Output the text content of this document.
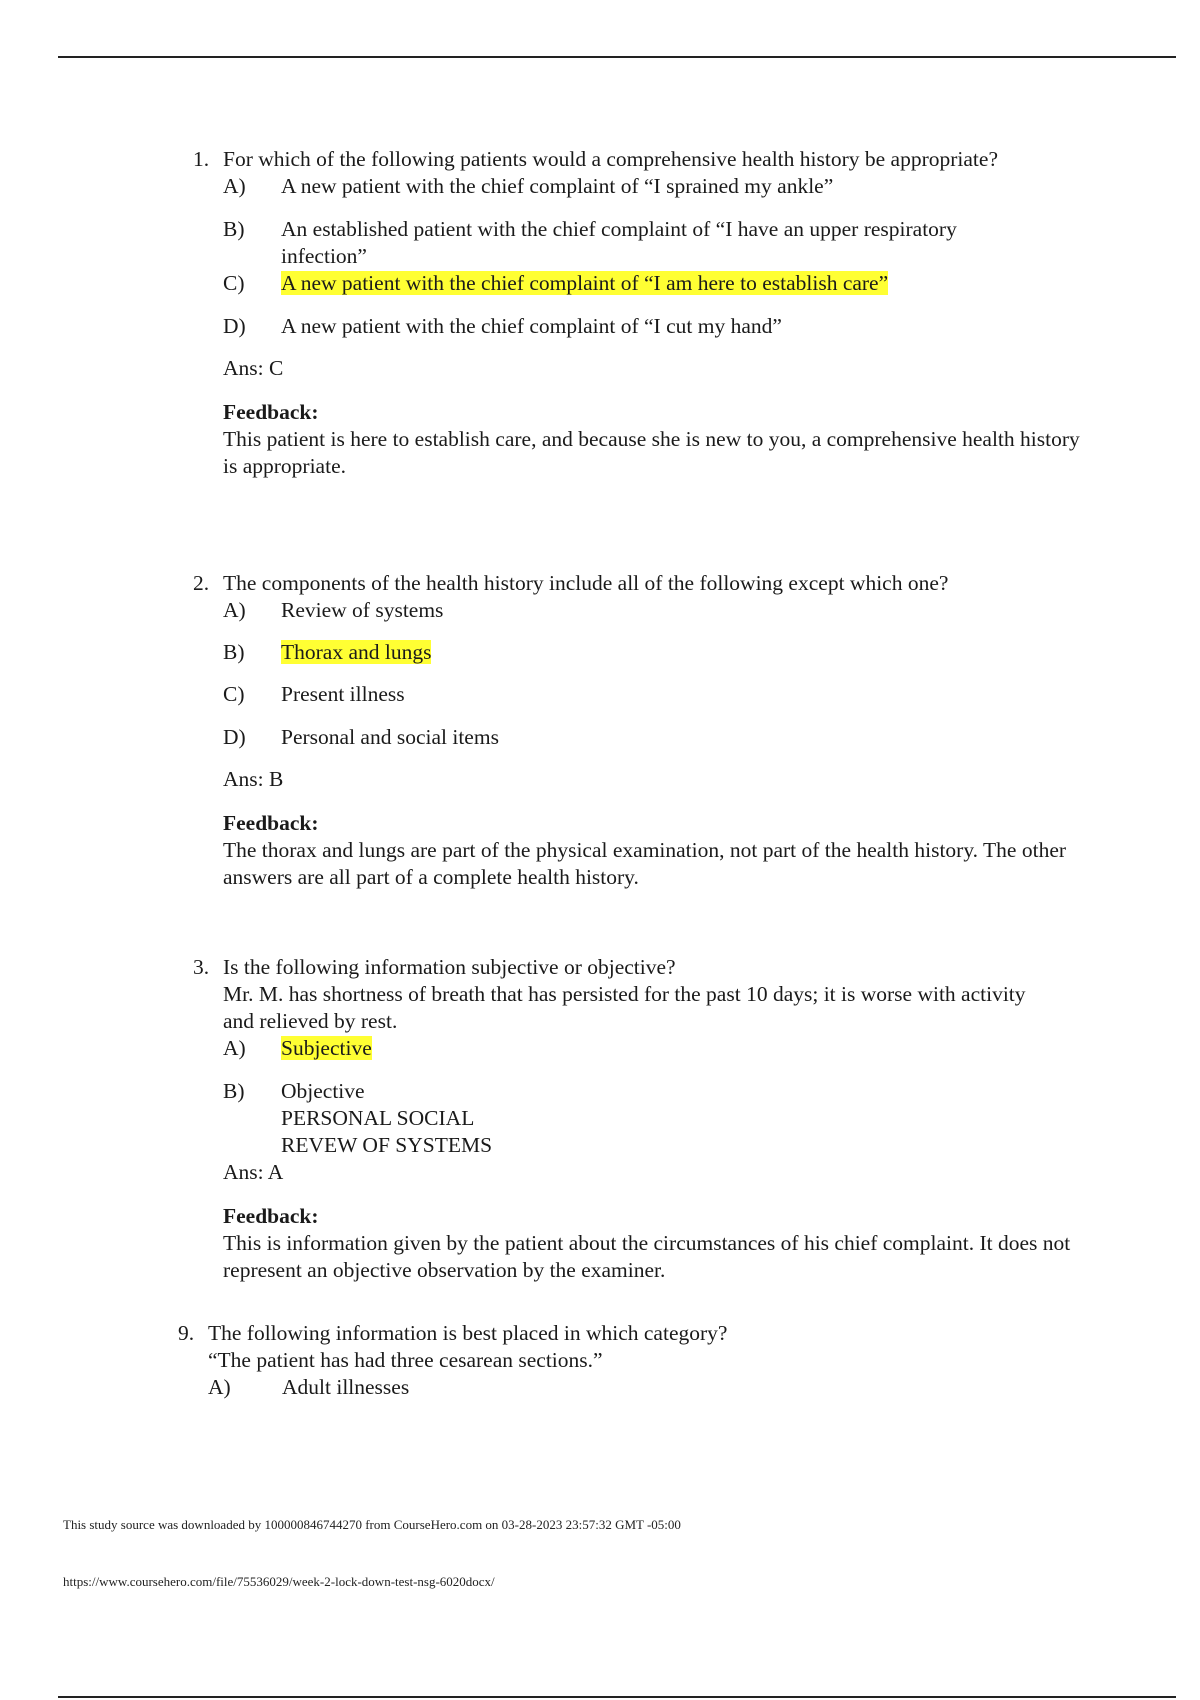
1. For which of the following patients would a comprehensive health history be appropriate?
A)	A new patient with the chief complaint of “I sprained my ankle”
B)	An established patient with the chief complaint of “I have an upper respiratory infection”
C)	A new patient with the chief complaint of “I am here to establish care”
D)	A new patient with the chief complaint of “I cut my hand”
Ans: C
Feedback:
This patient is here to establish care, and because she is new to you, a comprehensive health history is appropriate.
2. The components of the health history include all of the following except which one?
A)	Review of systems
B)	Thorax and lungs
C)	Present illness
D)	Personal and social items
Ans: B
Feedback:
The thorax and lungs are part of the physical examination, not part of the health history. The other answers are all part of a complete health history.
3. Is the following information subjective or objective?
Mr. M. has shortness of breath that has persisted for the past 10 days; it is worse with activity and relieved by rest.
A)	Subjective
B)	Objective
PERSONAL SOCIAL
REVEW OF SYSTEMS
Ans: A
Feedback:
This is information given by the patient about the circumstances of his chief complaint. It does not represent an objective observation by the examiner.
9. The following information is best placed in which category?
“The patient has had three cesarean sections.”
A)	Adult illnesses
This study source was downloaded by 100000846744270 from CourseHero.com on 03-28-2023 23:57:32 GMT -05:00
https://www.coursehero.com/file/75536029/week-2-lock-down-test-nsg-6020docx/
